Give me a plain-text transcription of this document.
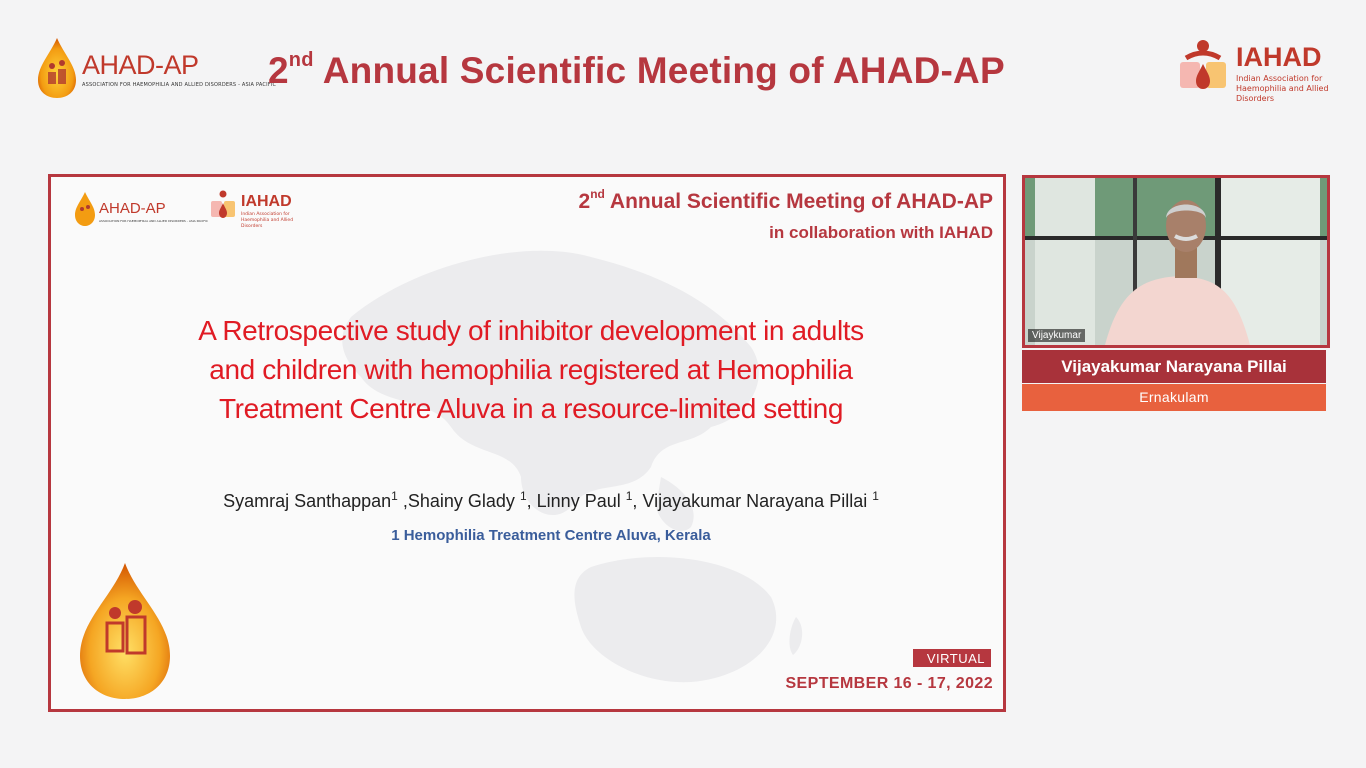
AHAD-AP
ASSOCIATION FOR HAEMOPHILIA AND ALLIED DISORDERS - ASIA PACIFIC
2nd Annual Scientific Meeting of AHAD-AP	IAHAD
Indian Association for Haemophilia and Allied Disorders
AHAD-AP
ASSOCIATION FOR HAEMOPHILIA AND ALLIED DISORDERS - ASIA PACIFIC
IAHAD
Indian Association for Haemophilia and Allied Disorders
2nd Annual Scientific Meeting of AHAD-AP
in collaboration with IAHAD
A Retrospective study of inhibitor development in adults
and children with hemophilia registered at Hemophilia
Treatment Centre Aluva in a resource-limited setting
Syamraj Santhappan$^1$ ,Shainy Glady $^1$, Linny Paul $^1$, Vijayakumar Narayana Pillai $^1$
1 Hemophilia Treatment Centre Aluva, Kerala
VIRTUAL
SEPTEMBER 16 - 17, 2022
Vijaykumar
Vijayakumar Narayana Pillai
Ernakulam
